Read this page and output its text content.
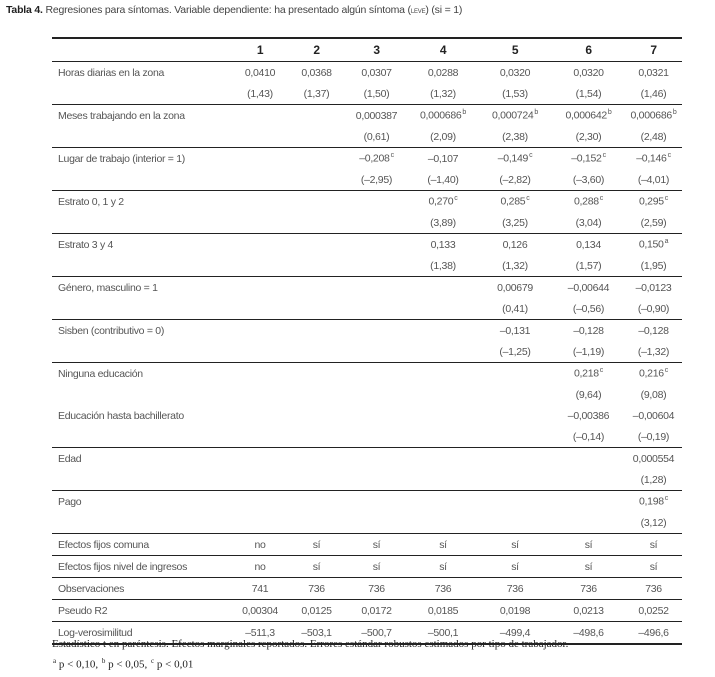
Tabla 4. Regresiones para síntomas. Variable dependiente: ha presentado algún síntoma (leve) (si = 1)
	1	2	3	4	5	6	7
Horas diarias en la zona	0,0410	0,0368	0,0307	0,0288	0,0320	0,0320	0,0321
	(1,43)	(1,37)	(1,50)	(1,32)	(1,53)	(1,54)	(1,46)
Meses trabajando en la zona			0,000387	0,000686$^b$	0,000724$^b$	0,000642$^b$	0,000686$^b$
			(0,61)	(2,09)	(2,38)	(2,30)	(2,48)
Lugar de trabajo (interior = 1)			–0,208$^c$	–0,107	–0,149$^c$	–0,152$^c$	–0,146$^c$
			(–2,95)	(–1,40)	(–2,82)	(–3,60)	(–4,01)
Estrato 0, 1 y 2				0,270$^c$	0,285$^c$	0,288$^c$	0,295$^c$
				(3,89)	(3,25)	(3,04)	(2,59)
Estrato 3 y 4				0,133	0,126	0,134	0,150$^a$
				(1,38)	(1,32)	(1,57)	(1,95)
Género, masculino = 1					0,00679	–0,00644	–0,0123
					(0,41)	(–0,56)	(–0,90)
Sisben (contributivo = 0)					–0,131	–0,128	–0,128
					(–1,25)	(–1,19)	(–1,32)
Ninguna educación						0,218$^c$	0,216$^c$
						(9,64)	(9,08)
Educación hasta bachillerato						–0,00386	–0,00604
						(–0,14)	(–0,19)
Edad							0,000554
							(1,28)
Pago							0,198$^c$
							(3,12)
Efectos fijos comuna	no	sí	sí	sí	sí	sí	sí
Efectos fijos nivel de ingresos	no	sí	sí	sí	sí	sí	sí
Observaciones	741	736	736	736	736	736	736
Pseudo R2	0,00304	0,0125	0,0172	0,0185	0,0198	0,0213	0,0252
Log-verosimilitud	–511,3	–503,1	–500,7	–500,1	–499,4	–498,6	–496,6
Estadístico t en paréntesis. Efectos marginales reportados. Errores estándar robustos estimados por tipo de trabajador.
$^a$ p < 0,10, $^b$ p < 0,05, $^c$ p < 0,01
